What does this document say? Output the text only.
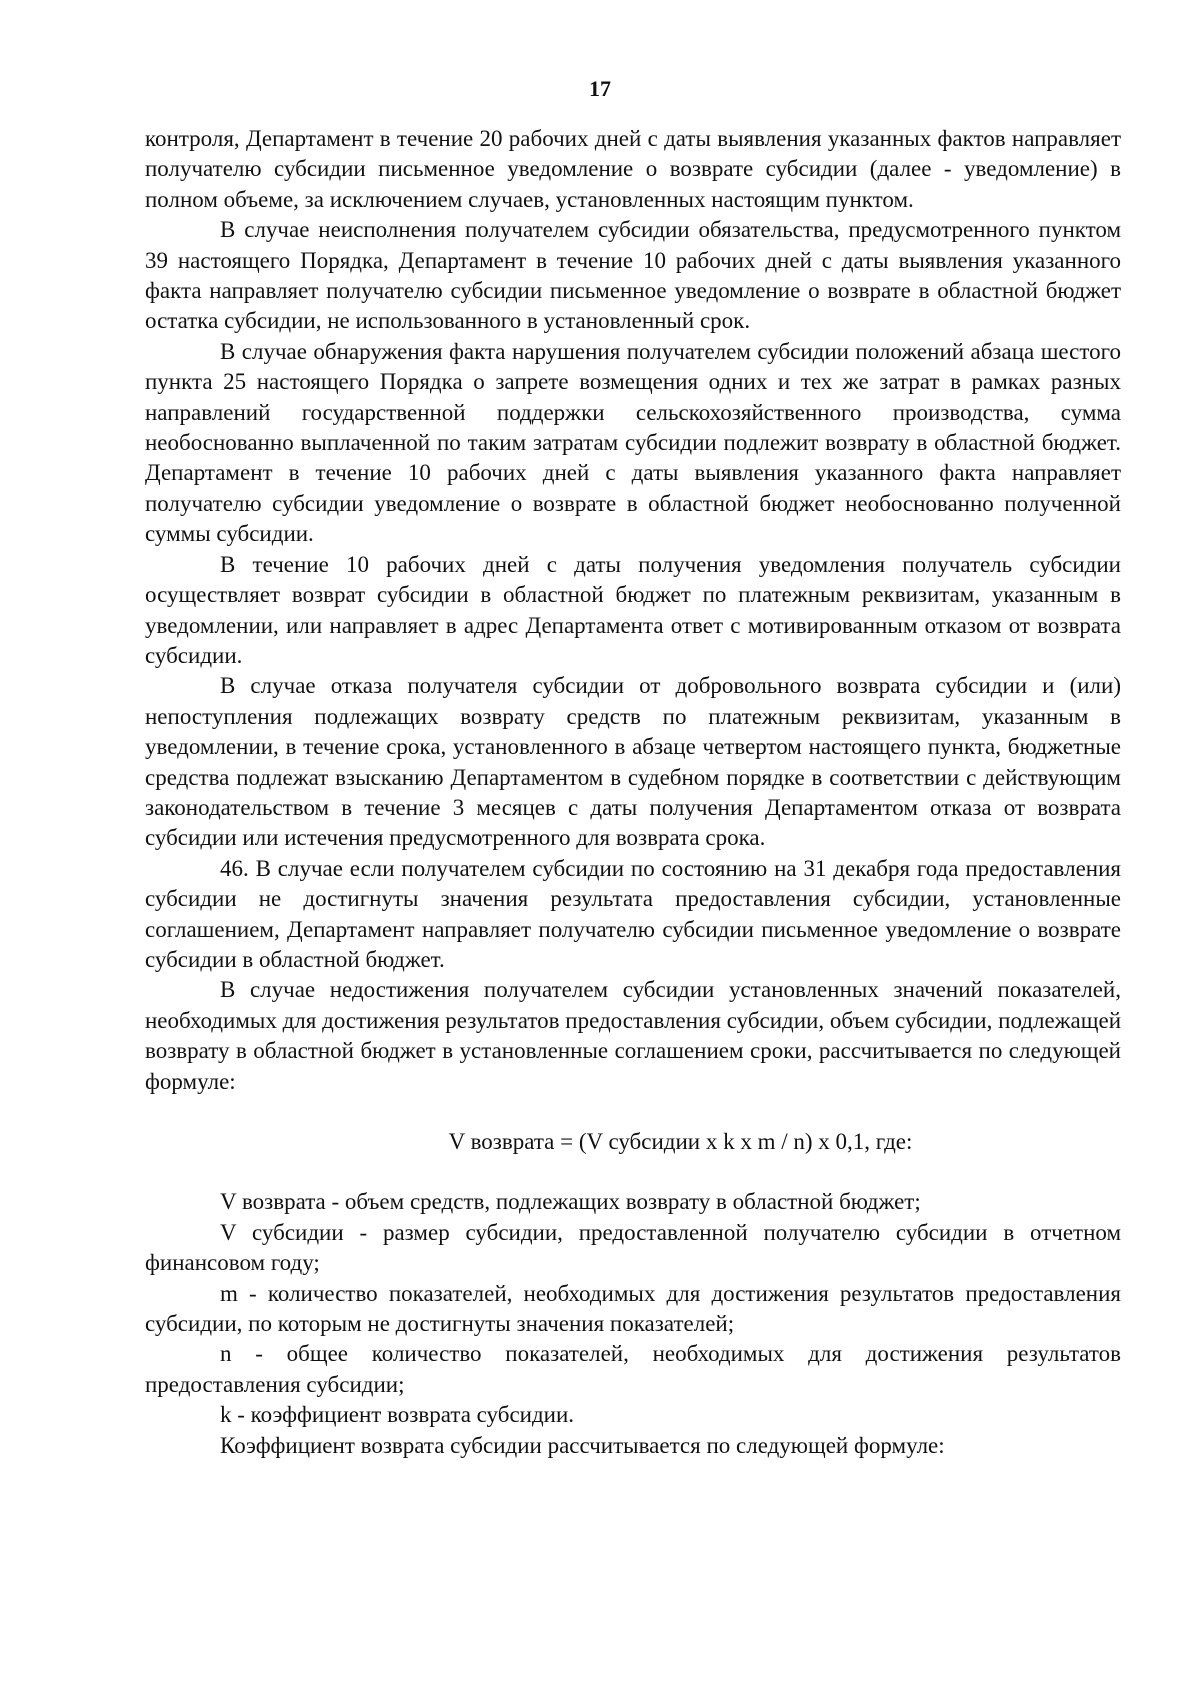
17

контроля, Департамент в течение 20 рабочих дней с даты выявления указанных фактов направляет получателю субсидии письменное уведомление о возврате субсидии (далее - уведомление) в полном объеме, за исключением случаев, установленных настоящим пунктом.

В случае неисполнения получателем субсидии обязательства, предусмотренного пунктом 39 настоящего Порядка, Департамент в течение 10 рабочих дней с даты выявления указанного факта направляет получателю субсидии письменное уведомление о возврате в областной бюджет остатка субсидии, не использованного в установленный срок.

В случае обнаружения факта нарушения получателем субсидии положений абзаца шестого пункта 25 настоящего Порядка о запрете возмещения одних и тех же затрат в рамках разных направлений государственной поддержки сельскохозяйственного производства, сумма необоснованно выплаченной по таким затратам субсидии подлежит возврату в областной бюджет. Департамент в течение 10 рабочих дней с даты выявления указанного факта направляет получателю субсидии уведомление о возврате в областной бюджет необоснованно полученной суммы субсидии.

В течение 10 рабочих дней с даты получения уведомления получатель субсидии осуществляет возврат субсидии в областной бюджет по платежным реквизитам, указанным в уведомлении, или направляет в адрес Департамента ответ с мотивированным отказом от возврата субсидии.

В случае отказа получателя субсидии от добровольного возврата субсидии и (или) непоступления подлежащих возврату средств по платежным реквизитам, указанным в уведомлении, в течение срока, установленного в абзаце четвертом настоящего пункта, бюджетные средства подлежат взысканию Департаментом в судебном порядке в соответствии с действующим законодательством в течение 3 месяцев с даты получения Департаментом отказа от возврата субсидии или истечения предусмотренного для возврата срока.

46. В случае если получателем субсидии по состоянию на 31 декабря года предоставления субсидии не достигнуты значения результата предоставления субсидии, установленные соглашением, Департамент направляет получателю субсидии письменное уведомление о возврате субсидии в областной бюджет.

В случае недостижения получателем субсидии установленных значений показателей, необходимых для достижения результатов предоставления субсидии, объем субсидии, подлежащей возврату в областной бюджет в установленные соглашением сроки, рассчитывается по следующей формуле:

V возврата = (V субсидии x k x m / n) x 0,1, где:

V возврата - объем средств, подлежащих возврату в областной бюджет;

V субсидии - размер субсидии, предоставленной получателю субсидии в отчетном финансовом году;

m - количество показателей, необходимых для достижения результатов предоставления субсидии, по которым не достигнуты значения показателей;

n - общее количество показателей, необходимых для достижения результатов предоставления субсидии;

k - коэффициент возврата субсидии.

Коэффициент возврата субсидии рассчитывается по следующей формуле:
